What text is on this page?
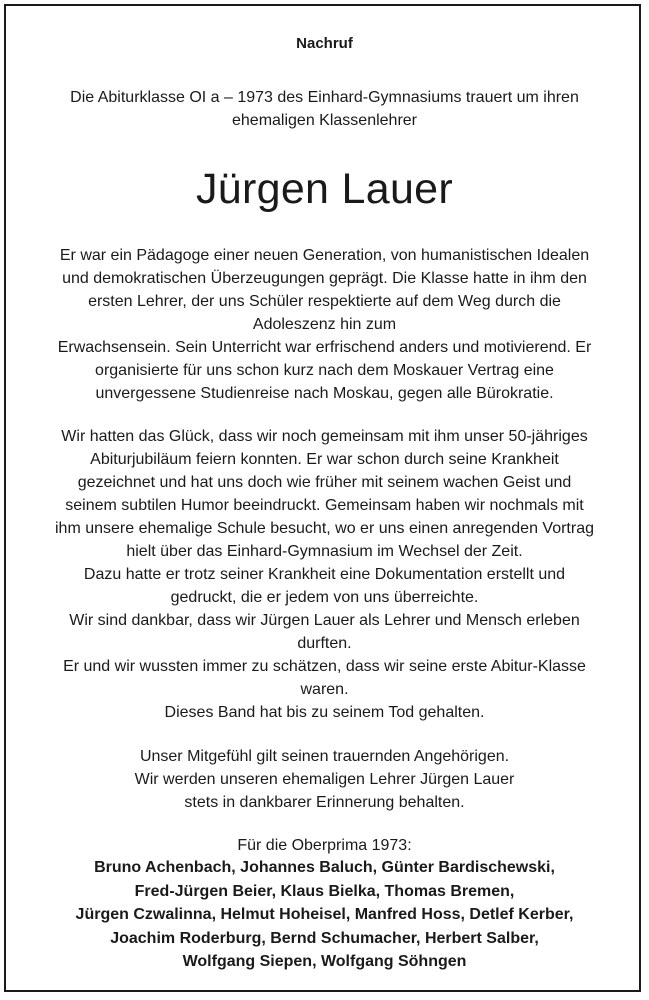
Nachruf
Die Abiturklasse OI a – 1973 des Einhard-Gymnasiums trauert um ihren
ehemaligen Klassenlehrer
Jürgen Lauer
Er war ein Pädagoge einer neuen Generation, von humanistischen Idealen
und demokratischen Überzeugungen geprägt. Die Klasse hatte in ihm den
ersten Lehrer, der uns Schüler respektierte auf dem Weg durch die
Adoleszenz hin zum
Erwachsensein. Sein Unterricht war erfrischend anders und motivierend. Er
organisierte für uns schon kurz nach dem Moskauer Vertrag eine
unvergessene Studienreise nach Moskau, gegen alle Bürokratie.
Wir hatten das Glück, dass wir noch gemeinsam mit ihm unser 50-jähriges
Abiturjubiläum feiern konnten. Er war schon durch seine Krankheit
gezeichnet und hat uns doch wie früher mit seinem wachen Geist und
seinem subtilen Humor beeindruckt. Gemeinsam haben wir nochmals mit
ihm unsere ehemalige Schule besucht, wo er uns einen anregenden Vortrag
hielt über das Einhard-Gymnasium im Wechsel der Zeit.
Dazu hatte er trotz seiner Krankheit eine Dokumentation erstellt und
gedruckt, die er jedem von uns überreichte.
Wir sind dankbar, dass wir Jürgen Lauer als Lehrer und Mensch erleben
durften.
Er und wir wussten immer zu schätzen, dass wir seine erste Abitur-Klasse
waren.
Dieses Band hat bis zu seinem Tod gehalten.
Unser Mitgefühl gilt seinen trauernden Angehörigen.
Wir werden unseren ehemaligen Lehrer Jürgen Lauer
stets in dankbarer Erinnerung behalten.
Für die Oberprima 1973:
Bruno Achenbach, Johannes Baluch, Günter Bardischewski,
Fred-Jürgen Beier, Klaus Bielka, Thomas Bremen,
Jürgen Czwalinna, Helmut Hoheisel, Manfred Hoss, Detlef Kerber,
Joachim Roderburg, Bernd Schumacher, Herbert Salber,
Wolfgang Siepen, Wolfgang Söhngen
